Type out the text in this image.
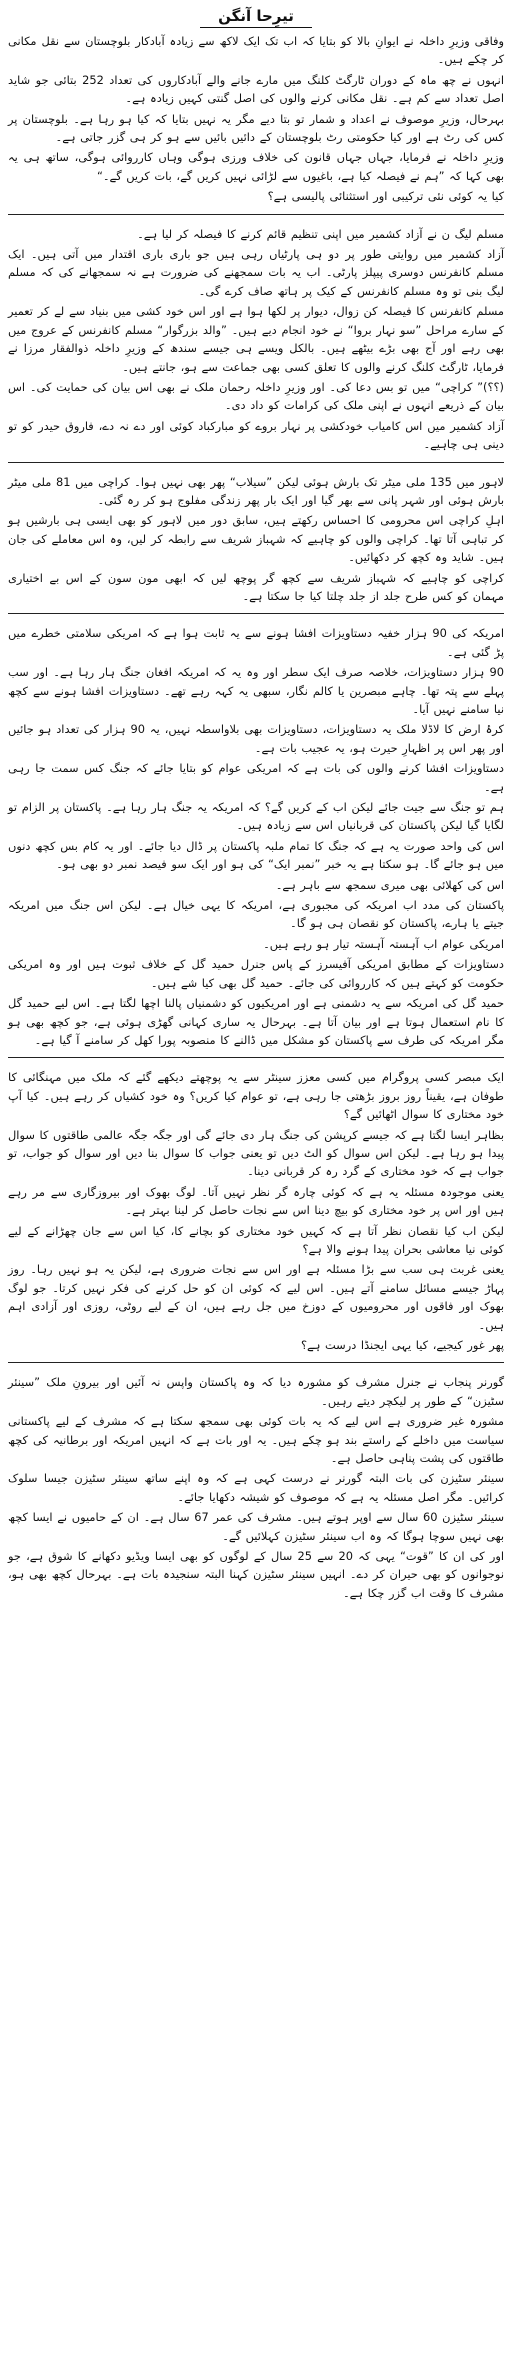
تیرِحا آنگن

وفاقی وزیرِ داخلہ نے ایوانِ بالا کو بتایا کہ اب تک ایک لاکھ سے زیادہ آبادکار بلوچستان سے نقل مکانی کر چکے ہیں۔

انہوں نے چھ ماہ کے دوران ٹارگٹ کلنگ میں مارے جانے والے آبادکاروں کی تعداد 252 بتائی جو شاید اصل تعداد سے کم ہے۔ نقل مکانی کرنے والوں کی اصل گنتی کہیں زیادہ ہے۔

بہرحال، وزیرِ موصوف نے اعداد و شمار تو بتا دیے مگر یہ نہیں بتایا کہ کیا ہو رہا ہے۔ بلوچستان پر کس کی رٹ ہے اور کیا حکومتی رٹ بلوچستان کے دائیں بائیں سے ہو کر ہی گزر جاتی ہے۔

وزیرِ داخلہ نے فرمایا، جہاں جہاں قانون کی خلاف ورزی ہوگی وہاں کارروائی ہوگی، ساتھ ہی یہ بھی کہا کہ ”ہم نے فیصلہ کیا ہے، باغیوں سے لڑائی نہیں کریں گے، بات کریں گے۔“

کیا یہ کوئی نئی ترکیبی اور استثنائی پالیسی ہے؟

مسلم لیگ ن نے آزاد کشمیر میں اپنی تنظیم قائم کرنے کا فیصلہ کر لیا ہے۔

آزاد کشمیر میں روایتی طور پر دو ہی پارٹیاں رہی ہیں جو باری باری اقتدار میں آتی ہیں۔ ایک مسلم کانفرنس دوسری پیپلز پارٹی۔ اب یہ بات سمجھنے کی ضرورت ہے نہ سمجھانے کی کہ مسلم لیگ بنی تو وہ مسلم کانفرنس کے کیک پر ہاتھ صاف کرے گی۔

مسلم کانفرنس کا فیصلہ کن زوال، دیوار پر لکھا ہوا ہے اور اس خود کشی میں بنیاد سے لے کر تعمیر کے سارے مراحل ”سو نہار بروا“ نے خود انجام دیے ہیں۔ ”والد بزرگوار“ مسلم کانفرنس کے عروج میں بھی رہے اور آج بھی بڑے بیٹھے ہیں۔ بالکل ویسے ہی جیسے سندھ کے وزیرِ داخلہ ذوالفقار مرزا نے فرمایا، ٹارگٹ کلنگ کرنے والوں کا تعلق کسی بھی جماعت سے ہو، جانتے ہیں۔

(؟؟)” کراچی“ میں تو بس دعا کی۔ اور وزیرِ داخلہ رحمان ملک نے بھی اس بیان کی حمایت کی۔ اس بیان کے ذریعے انہوں نے اپنی ملک کی کرامات کو داد دی۔

آزاد کشمیر میں اس کامیاب خودکشی پر نہار بروے کو مبارکباد کوئی اور دے نہ دے، فاروق حیدر کو تو دینی ہی چاہیے۔

لاہور میں 135 ملی میٹر تک بارش ہوئی لیکن ”سیلاب“ پھر بھی نہیں ہوا۔ کراچی میں 81 ملی میٹر بارش ہوئی اور شہر پانی سے بھر گیا اور ایک بار پھر زندگی مفلوج ہو کر رہ گئی۔

اہلِ کراچی اس محرومی کا احساس رکھتے ہیں، سابق دور میں لاہور کو بھی ایسی ہی بارشیں ہو کر تباہی آتا تھا۔ کراچی والوں کو چاہیے کہ شہباز شریف سے رابطہ کر لیں، وہ اس معاملے کی جان ہیں۔ شاید وہ کچھ کر دکھائیں۔

کراچی کو چاہیے کہ شہباز شریف سے کچھ گر پوچھ لیں کہ ابھی مون سون کے اس بے اختیاری مہمان کو کس طرح جلد از جلد چلتا کیا جا سکتا ہے۔

امریکہ کی 90 ہزار خفیہ دستاویزات افشا ہونے سے یہ ثابت ہوا ہے کہ امریکی سلامتی خطرے میں پڑ گئی ہے۔

90 ہزار دستاویزات، خلاصہ صرف ایک سطر اور وہ یہ کہ امریکہ افغان جنگ ہار رہا ہے۔ اور سب پہلے سے پتہ تھا۔ چاہے مبصرین یا کالم نگار، سبھی یہ کہہ رہے تھے۔ دستاویزات افشا ہونے سے کچھ نیا سامنے نہیں آیا۔

کرۂ ارض کا لاڈلا ملک یہ دستاویزات، دستاویزات بھی بلاواسطہ نہیں، یہ 90 ہزار کی تعداد ہو جائیں اور پھر اس پر اظہارِ حیرت ہو، یہ عجیب بات ہے۔

دستاویزات افشا کرنے والوں کی بات ہے کہ امریکی عوام کو بتایا جائے کہ جنگ کس سمت جا رہی ہے۔

ہم تو جنگ سے جیت جائے لیکن اب کے کریں گے؟ کہ امریکہ یہ جنگ ہار رہا ہے۔ پاکستان پر الزام تو لگایا گیا لیکن پاکستان کی قربانیاں اس سے زیادہ ہیں۔

اس کی واحد صورت یہ ہے کہ جنگ کا تمام ملبہ پاکستان پر ڈال دیا جائے۔ اور یہ کام بس کچھ دنوں میں ہو جائے گا۔ ہو سکتا ہے یہ خبر ”نمبر ایک“ کی ہو اور ایک سو فیصد نمبر دو بھی ہو۔

اس کی کھلائی بھی میری سمجھ سے باہر ہے۔

پاکستان کی مدد اب امریکہ کی مجبوری ہے، امریکہ کا یہی خیال ہے۔ لیکن اس جنگ میں امریکہ جیتے یا ہارے، پاکستان کو نقصان ہی ہو گا۔

امریکی عوام اب آہستہ آہستہ تیار ہو رہے ہیں۔

دستاویزات کے مطابق امریکی آفیسرز کے پاس جنرل حمید گل کے خلاف ثبوت ہیں اور وہ امریکی حکومت کو کہتے ہیں کہ کارروائی کی جائے۔ حمید گل بھی کیا شے ہیں۔

حمید گل کی امریکہ سے یہ دشمنی ہے اور امریکیوں کو دشمنیاں پالنا اچھا لگتا ہے۔ اس لیے حمید گل کا نام استعمال ہوتا ہے اور بیان آتا ہے۔ بہرحال یہ ساری کہانی گھڑی ہوئی ہے، جو کچھ بھی ہو مگر امریکہ کی طرف سے پاکستان کو مشکل میں ڈالنے کا منصوبہ پورا کھل کر سامنے آ گیا ہے۔

ایک مبصر کسی پروگرام میں کسی معزز سینٹر سے یہ پوچھتے دیکھے گئے کہ ملک میں مہنگائی کا طوفان ہے، یقیناً روز بروز بڑھتی جا رہی ہے، تو عوام کیا کریں؟ وہ خود کشیاں کر رہے ہیں۔ کیا آپ خود مختاری کا سوال اٹھائیں گے؟

بظاہر ایسا لگتا ہے کہ جیسے کرپشن کی جنگ ہار دی جائے گی اور جگہ جگہ عالمی طاقتوں کا سوال پیدا ہو رہا ہے۔ لیکن اس سوال کو الٹ دیں تو یعنی جواب کا سوال بنا دیں اور سوال کو جواب، تو جواب ہے کہ خود مختاری کے گرد رہ کر قربانی دینا۔

یعنی موجودہ مسئلہ یہ ہے کہ کوئی چارہ گر نظر نہیں آتا۔ لوگ بھوک اور بیروزگاری سے مر رہے ہیں اور اس پر خود مختاری کو بیچ دینا اس سے نجات حاصل کر لینا بہتر ہے۔

لیکن اب کیا نقصان نظر آتا ہے کہ کہیں خود مختاری کو بچانے کا، کیا اس سے جان چھڑانے کے لیے کوئی نیا معاشی بحران پیدا ہونے والا ہے؟

یعنی غربت ہی سب سے بڑا مسئلہ ہے اور اس سے نجات ضروری ہے، لیکن یہ ہو نہیں رہا۔ روز پہاڑ جیسے مسائل سامنے آتے ہیں۔ اس لیے کہ کوئی ان کو حل کرنے کی فکر نہیں کرتا۔ جو لوگ بھوک اور فاقوں اور محرومیوں کے دوزخ میں جل رہے ہیں، ان کے لیے روٹی، روزی اور آزادی اہم ہیں۔

پھر غور کیجیے، کیا یہی ایجنڈا درست ہے؟

گورنر پنجاب نے جنرل مشرف کو مشورہ دیا کہ وہ پاکستان واپس نہ آئیں اور بیرونِ ملک ”سینئر سٹیزن“ کے طور پر لیکچر دیتے رہیں۔

مشورہ غیر ضروری ہے اس لیے کہ یہ بات کوئی بھی سمجھ سکتا ہے کہ مشرف کے لیے پاکستانی سیاست میں داخلے کے راستے بند ہو چکے ہیں۔ یہ اور بات ہے کہ انہیں امریکہ اور برطانیہ کی کچھ طاقتوں کی پشت پناہی حاصل ہے۔

سینئر سٹیزن کی بات البتہ گورنر نے درست کہی ہے کہ وہ اپنے ساتھ سینئر سٹیزن جیسا سلوک کرائیں۔ مگر اصل مسئلہ یہ ہے کہ موصوف کو شیشہ دکھایا جائے۔

سینئر سٹیزن 60 سال سے اوپر ہوتے ہیں۔ مشرف کی عمر 67 سال ہے۔ ان کے حامیوں نے ایسا کچھ بھی نہیں سوچا ہوگا کہ وہ اب سینئر سٹیزن کہلائیں گے۔

اور کی ان کا ”قوت“ یہی کہ 20 سے 25 سال کے لوگوں کو بھی ایسا ویڈیو دکھانے کا شوق ہے، جو نوجوانوں کو بھی حیران کر دے۔ انہیں سینئر سٹیزن کہنا البتہ سنجیدہ بات ہے۔ بہرحال کچھ بھی ہو، مشرف کا وقت اب گزر چکا ہے۔
